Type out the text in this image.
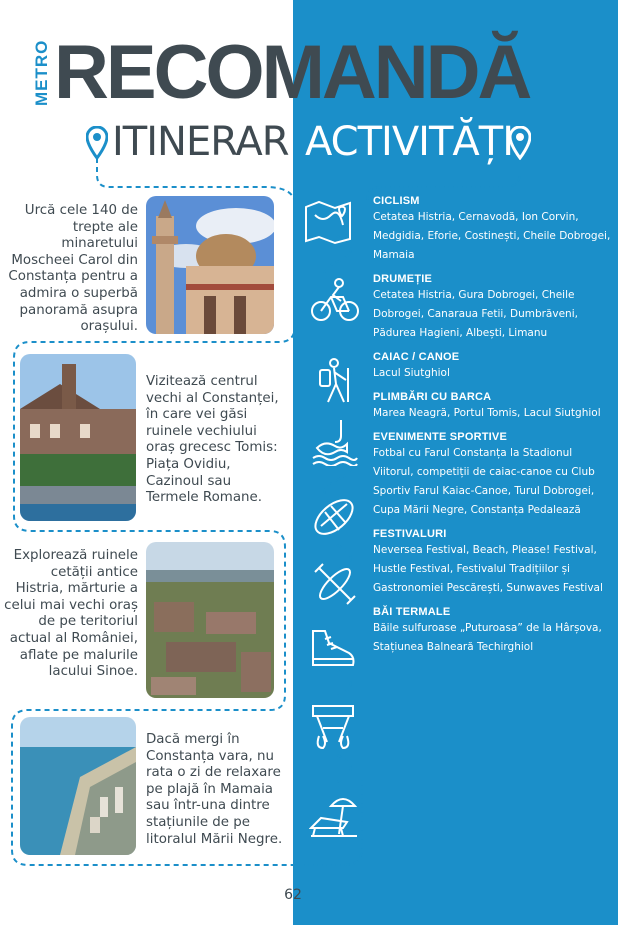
METRO RECOMANDĂ
ITINERAR ACTIVITĂȚI
Urcă cele 140 de trepte ale minaretului Moscheei Carol din Constanța pentru a admira o superbă panoramă asupra orașului.
Vizitează centrul vechi al Constanței, în care vei găsi ruinele vechiului oraș grecesc Tomis: Piața Ovidiu, Cazinoul sau Termele Romane.
Explorează ruinele cetății antice Histria, mărturie a celui mai vechi oraș de pe teritoriul actual al României, aflate pe malurile lacului Sinoe.
Dacă mergi în Constanța vara, nu rata o zi de relaxare pe plajă în Mamaia sau într-una dintre stațiunile de pe litoralul Mării Negre.
CICLISM
Cetatea Histria, Cernavodă, Ion Corvin, Medgidia, Eforie, Costinești, Cheile Dobrogei, Mamaia
DRUMEȚIE
Cetatea Histria, Gura Dobrogei, Cheile Dobrogei, Canaraua Fetii, Dumbrăveni, Pădurea Hagieni, Albești, Limanu
CAIAC / CANOE
Lacul Siutghiol
PLIMBĂRI CU BARCA
Marea Neagră, Portul Tomis, Lacul Siutghiol
EVENIMENTE SPORTIVE
Fotbal cu Farul Constanța la Stadionul Viitorul, competiții de caiac-canoe cu Club Sportiv Farul Kaiac-Canoe, Turul Dobrogei, Cupa Mării Negre, Constanța Pedalează
FESTIVALURI
Neversea Festival, Beach, Please! Festival, Hustle Festival, Festivalul Tradițiilor și Gastronomiei Pescărești, Sunwaves Festival
BĂI TERMALE
Băile sulfuroase „Puturoasa” de la Hârșova, Stațiunea Balneară Techirghiol
62
